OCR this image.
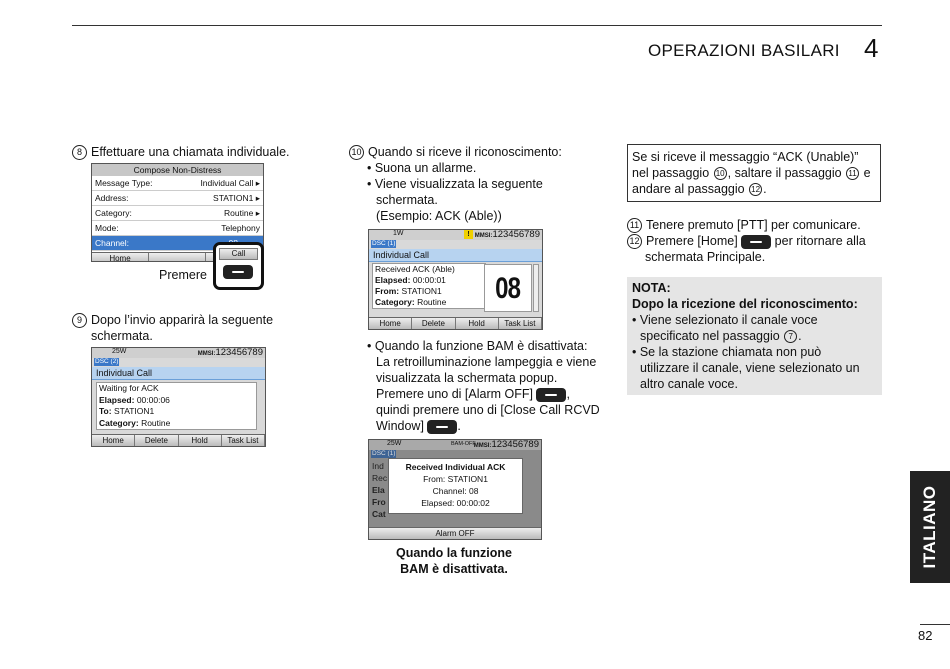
OPERAZIONI BASILARI 4
ITALIANO
82
8 Effettuare una chiamata individuale.
Compose Non-Distress
Message Type:	Individual Call ▸
Address:	STATION1 ▸
Category:	Routine ▸
Mode:	Telephony
Channel:
Home
Call
Premere
9 Dopo l’invio apparirà la seguente
schermata.
25W	MMSI:123456789
DSC (2)
Individual Call
Waiting for ACK
Elapsed: 00:00:06
To: STATION1
Category: Routine
Home	Delete	Hold	Task List
10 Quando si riceve il riconoscimento:
• Suona un allarme.
• Viene visualizzata la seguente
schermata.
(Esempio: ACK (Able))
1W	! MMSI:123456789
DSC (1)
Individual Call
Received ACK (Able)
Elapsed: 00:00:01
From: STATION1
Category: Routine	08
Home	Delete	Hold	Task List
• Quando la funzione BAM è disattivata:
La retroilluminazione lampeggia e viene
visualizzata la schermata popup.
Premere uno di [Alarm OFF]	,
quindi premere uno di [Close Call RCVD
Window]	.
25W	BAM-OFF
MMSI:123456789
DSC (1)
Ind
Rec
Ela
Fro
Cat
Received Individual ACK
From: STATION1
Channel: 08
Elapsed: 00:00:02
Alarm OFF
Quando la funzione
BAM è disattivata.
Se si riceve il messaggio “ACK (Unable)”
nel passaggio 10 , saltare il passaggio 11 e
andare al passaggio 12 .
11 Tenere premuto [PTT] per comunicare.
12 Premere [Home]	per ritornare alla
schermata Principale.
NOTA:
Dopo la ricezione del riconoscimento:
• Viene selezionato il canale voce
specificato nel passaggio 7 .
• Se la stazione chiamata non può
utilizzare il canale, viene selezionato un
altro canale voce.
